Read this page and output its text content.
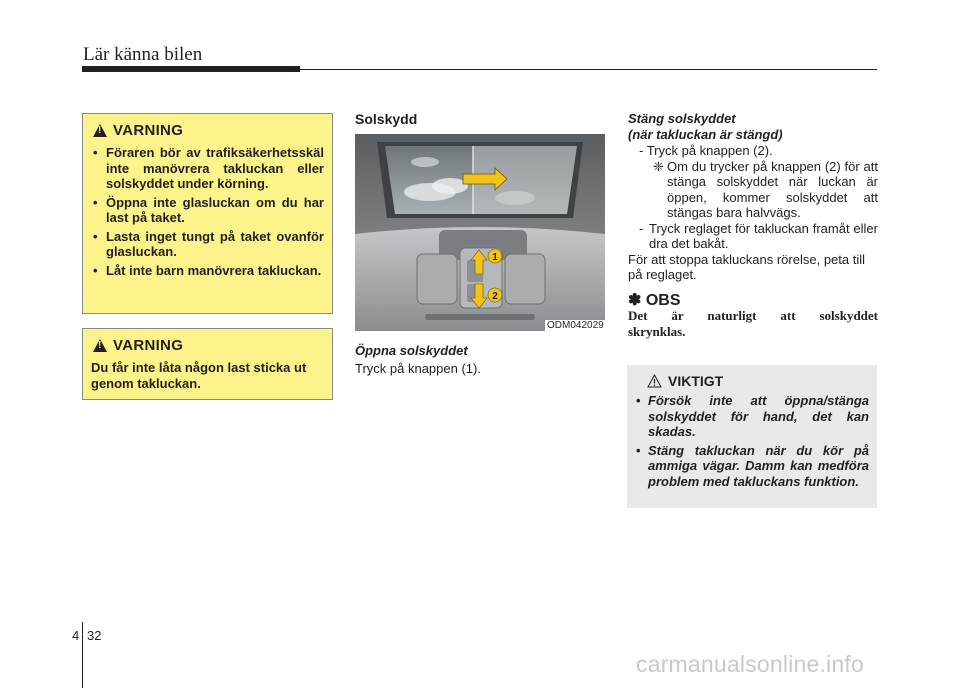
Lär känna bilen
!
VARNING
• Föraren bör av trafiksäkerhetsskäl inte manövrera takluckan eller solskyddet under körning.
• Öppna inte glasluckan om du har last på taket.
• Lasta inget tungt på taket ovanför glasluckan.
• Låt inte barn manövrera takluckan.
!
VARNING

Du får inte låta någon last sticka ut genom takluckan.

Solskydd
1
2
ODM042029
Öppna solskyddet
Tryck på knappen (1).

Stäng solskyddet

(när takluckan är stängd)

- Tryck på knappen (2).

❈ Om du trycker på knappen (2) för att stänga solskyddet när luckan är öppen, kommer solskyddet att stängas bara halvvägs.
- Tryck reglaget för takluckan framåt eller dra det bakåt.

För att stoppa takluckans rörelse, peta till på reglaget.

✽ OBS

Det är naturligt att solskyddet

skrynklas.

VIKTIGT
• Försök inte att öppna/stänga solskyddet för hand, det kan skadas.
• Stäng takluckan när du kör på ammiga vägar. Damm kan medföra problem med takluckans funktion.
4 32
carmanualsonline.info
